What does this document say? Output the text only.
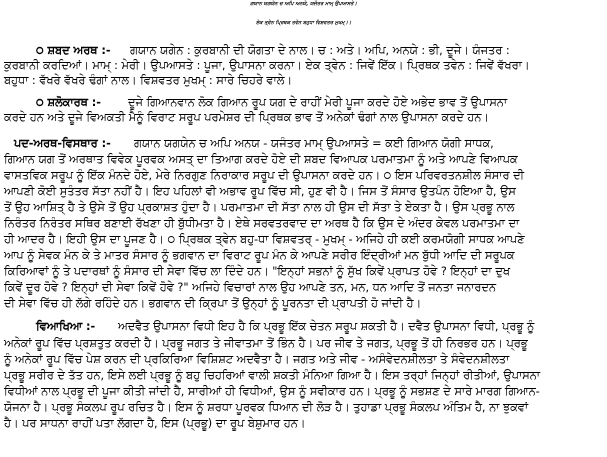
ਗਯਾਨ ਯਗਯੇਨ ਚ ਅਪਿ ਅਨਯੇ, ਯਜੰਤਰ ਮਾਮ੍ ਉਪਆਸਤੇ।
ਏਕ ਤ੍ਵੇਨ ਪ੍ਰਿਥਕ ਤਵੇਨ ਬਹੁਧਾ ਵਿਸ਼ਵਤਰ ਮੁਖਮ੍।।
੦ ਸ਼ਬਦ ਅਰਥ :- ਗਯਾਨ ਯਗੇਨ : ਕੁਰਬਾਨੀ ਦੀ ਯੋਗਤਾ ਦੇ ਨਾਲ। ਚ : ਅਤੇ। ਅਪਿ, ਅਨਯੇ : ਭੀ, ਦੂਜੇ। ਯੰਜਤਰ :
ਕੁਰਬਾਨੀ ਕਰਦਿਆਂ। ਮਾਮ੍ : ਮੇਰੀ। ਉਪਆਸਤੇ : ਪੂਜਾ, ਉਪਾਸਨਾ ਕਰਨਾ। ਏਕ ਤ੍ਵੇਨ : ਜਿਵੇਂ ਇੱਕ। ਪ੍ਰਿਥਕ ਤਵੇਨ : ਜਿਵੇਂ ਵੱਖਰਾ।
ਬਹੁਧਾ : ਵੱਖਰੇ ਵੱਖਰੇ ਢੰਗਾਂ ਨਾਲ। ਵਿਸ਼ਵਤਰ ਮੁਖਮ੍ : ਸਾਰੇ ਚਿਹਰੇ ਵਾਲੇ।
੦ ਸ਼ਲੋਕਾਰਥ :- ਦੂਜੇ ਗਿਆਨਵਾਨ ਲੋਕ ਗਿਆਨ ਰੂਪ ਯਗ ਦੇ ਰਾਹੀਂ ਮੇਰੀ ਪੂਜਾ ਕਰਦੇ ਹੋਏ ਅਭੇਦ ਭਾਵ ਤੋਂ ਉਪਾਸਨਾ
ਕਰਦੇ ਹਨ ਅਤੇ ਦੂਜੇ ਵਿਅਕਤੀ ਮੈਨੂੰ ਵਿਰਾਟ ਸਰੂਪ ਪਰਮੇਸ਼ਰ ਦੀ ਪ੍ਰਿਥਕ ਭਾਵ ਤੋਂ ਅਨੇਕਾਂ ਢੰਗਾਂ ਨਾਲ ਉਪਾਸਨਾ ਕਰਦੇ ਹਨ।
ਪਦ-ਅਰਥ-ਵਿਸਥਾਰ :- ਗਯਾਨ ਯਗਯੇਨ ਚ ਅਪਿ ਅਨਯ - ਯਜੰਤਰ ਮਾਮ੍ ਉਪਆਸਤੇ = ਕਈ ਗਿਆਨ ਯੋਗੀ ਸਾਧਕ,
ਗਿਆਨ ਯਗ ਤੋਂ ਅਰਥਾਤ ਵਿਵੇਕ ਪੂਰਵਕ ਅਸਤ੍ ਦਾ ਤਿਆਗ ਕਰਦੇ ਹੋਏ ਦੀ ਸ਼ਬਦ ਵਿਆਪਕ ਪਰਮਾਤਮਾ ਨੂੰ ਅਤੇ ਆਪਣੇ ਵਿਆਪਕ
ਵਾਸਤਵਿਕ ਸਰੂਪ ਨੂੰ ਇੱਕ ਮੰਨਦੇ ਹੋਏ, ਮੇਰੇ ਨਿਰਗੁਣ ਨਿਰਾਕਾਰ ਸਰੂਪ ਦੀ ਉਪਾਸਨਾ ਕਰਦੇ ਹਨ। ੦ ਇਸ ਪਰਿਵਰਤਨਸ਼ੀਲ ਸੰਸਾਰ ਦੀ
ਆਪਣੀ ਕੋਈ ਸੁਤੰਤਰ ਸੱਤਾ ਨਹੀਂ ਹੈ। ਇਹ ਪਹਿਲਾਂ ਵੀ ਅਭਾਵ ਰੂਪ ਵਿੱਚ ਸੀ, ਹੁਣ ਵੀ ਹੈ। ਜਿਸ ਤੋਂ ਸੰਸਾਰ ਉਤਪੰਨ ਹੋਇਆ ਹੈ, ਉਸ
ਤੋਂ ਉਹ ਆਸ਼ਿਤ੍ ਹੈ ਤੇ ਉਸੇ ਤੋਂ ਉਹ ਪ੍ਰਕਾਸ਼ਤ ਹੁੰਦਾ ਹੈ। ਪਰਮਾਤਮਾ ਦੀ ਸੱਤਾ ਨਾਲ ਹੀ ਉਸ ਦੀ ਸੱਤਾ ਤੇ ਏਕਤਾ ਹੈ। ਉਸ ਪ੍ਰਭੂ ਨਾਲ
ਨਿਰੰਤਰ ਨਿਰੰਤਰ ਸਥਿਰ ਬਣਾਈ ਰੱਖਣਾ ਹੀ ਬੁੱਧੀਮਤਾ ਹੈ। ਏਥੇ ਸਰਵਤਰਵਾਦ ਦਾ ਅਰਥ ਹੈ ਕਿ ਉਸ ਦੇ ਅੰਦਰ ਕੇਵਲ ਪਰਮਾਤਮਾ ਦਾ
ਹੀ ਆਦਰ ਹੈ। ਇਹੀ ਉਸ ਦਾ ਪੂਜਣ ਹੈ। ੦ ਪ੍ਰਿਥਕ ਤ੍ਵੇਨ ਬਹੁ-ਧਾ ਵਿਸ਼ਵਤਰ੍ - ਮੁਖਮ੍ - ਅਜਿਹੇ ਹੀ ਕਈ ਕਰਮਯੋਗੀ ਸਾਧਕ ਆਪਣੇ
ਆਪ ਨੂੰ ਸੇਵਕ ਮੰਨ ਕੇ ਤੇ ਮਾਤਰ ਸੰਸਾਰ ਨੂੰ ਭਗਵਾਨ ਦਾ ਵਿਰਾਟ ਰੂਪ ਮੰਨ ਕੇ ਆਪਣੇ ਸਰੀਰ ਇੰਦ੍ਰੀਆਂ ਮਨ ਬੁੱਧੀ ਆਦਿ ਦੀ ਸਰੂਪਕ
ਕਿਰਿਆਵਾਂ ਨੂੰ ਤੇ ਪਦਾਰਥਾਂ ਨੂੰ ਸੰਸਾਰ ਦੀ ਸੇਵਾ ਵਿੱਚ ਲਾ ਦਿੰਦੇ ਹਨ। "ਇਨ੍ਹਾਂ ਸਭਨਾਂ ਨੂੰ ਸੁੱਖ ਕਿਵੇਂ ਪ੍ਰਾਪਤ ਹੋਵੇ ? ਇਨ੍ਹਾਂ ਦਾ ਦੁਖ
ਕਿਵੇਂ ਦੂਰ ਹੋਵੇ ? ਇਨ੍ਹਾਂ ਦੀ ਸੇਵਾ ਕਿਵੇਂ ਹੋਵੇ ?" ਅਜਿਹੇ ਵਿਚਾਰਾਂ ਨਾਲ ਉਹ ਆਪਣੇ ਤਨ, ਮਨ, ਧਨ ਆਦਿ ਤੋਂ ਜਨਤਾ ਜਨਾਰਦਨ
ਦੀ ਸੇਵਾ ਵਿੱਚ ਹੀ ਲੱਗੇ ਰਹਿੰਦੇ ਹਨ। ਭਗਵਾਨ ਦੀ ਕ੍ਰਿਪਾ ਤੋਂ ਉਨ੍ਹਾਂ ਨੂੰ ਪੂਰਨਤਾ ਦੀ ਪ੍ਰਾਪਤੀ ਹੋ ਜਾਂਦੀ ਹੈ।
ਵਿਆਖਿਆ :- ਅਦਵੈਤ ਉਪਾਸਨਾ ਵਿਧੀ ਇਹ ਹੈ ਕਿ ਪ੍ਰਭੂ ਇੱਕ ਚੇਤਨ ਸਰੂਪ ਸ਼ਕਤੀ ਹੈ। ਦਵੈਤ ਉਪਾਸਨਾ ਵਿਧੀ, ਪ੍ਰਭੂ ਨੂੰ
ਅਨੇਕਾਂ ਰੂਪ ਵਿੱਚ ਪ੍ਰਸ਼ਤੁਤ ਕਰਦੀ ਹੈ। ਪ੍ਰਭੂ ਜਗਤ ਤੇ ਜੀਵਾਤਮਾ ਤੋਂ ਭਿੰਨ ਹੈ। ਪਰ ਜੀਵ ਤੇ ਜਗਤ, ਪ੍ਰਭੂ ਤੋਂ ਹੀ ਨਿਰਭਰ ਹਨ। ਪ੍ਰਭੂ
ਨੂੰ ਅਨੇਕਾਂ ਰੂਪ ਵਿੱਚ ਪੇਸ਼ ਕਰਨ ਦੀ ਪ੍ਰਕਿਰਿਆ ਵਿਸ਼ਿਸ਼ਟ ਅਦਵੈਤਾ ਹੈ। ਜਗਤ ਅਤੇ ਜੀਵ - ਅਸੰਵੇਦਨਸ਼ੀਲਤਾ ਤੇ ਸੰਵੇਦਨਸ਼ੀਲਤਾ
ਪ੍ਰਭੂ ਸਰੀਰ ਦੇ ਤੱਤ ਹਨ, ਇਸੇ ਲਈ ਪ੍ਰਭੂ ਨੂੰ ਬਹੁ ਚਿਹਰਿਆਂ ਵਾਲੀ ਸ਼ਕਤੀ ਮੰਨਿਆ ਗਿਆ ਹੈ। ਇਸ ਤਰ੍ਹਾਂ ਜਿਨ੍ਹਾਂ ਰੀਤੀਆਂ, ਉਪਾਸਨਾ
ਵਿਧੀਆਂ ਨਾਲ ਪ੍ਰਭੂ ਦੀ ਪੂਜਾ ਕੀਤੀ ਜਾਂਦੀ ਹੈ, ਸਾਰੀਆਂ ਹੀ ਵਿਧੀਆਂ, ਉਸ ਨੂੰ ਸਵੀਕਾਰ ਹਨ। ਪ੍ਰਭੂ ਨੂੰ ਸਭਸ਼ਣ ਦੇ ਸਾਰੇ ਮਾਰਗ ਗਿਆਨ-
ਯੋਜਨਾ ਹੈ। ਪ੍ਰਭੂ ਸੰਕਲਪ ਰੂਪ ਰਚਿਤ ਹੈ। ਇਸ ਨੂੰ ਸ਼ਰਧਾ ਪੂਰਵਕ ਧਿਆਨ ਦੀ ਲੋੜ ਹੈ। ਤੁਹਾਡਾ ਪ੍ਰਭੂ ਸੰਕਲਪ ਅੰਤਿਮ ਹੈ, ਨਾ ਝੁਕਵਾਂ
ਹੈ। ਪਰ ਸਾਧਨਾ ਰਾਹੀਂ ਪਤਾ ਲੱਗਦਾ ਹੈ, ਇਸ (ਪ੍ਰਭੂ) ਦਾ ਰੂਪ ਬੇਸ਼ੁਮਾਰ ਹਨ।
